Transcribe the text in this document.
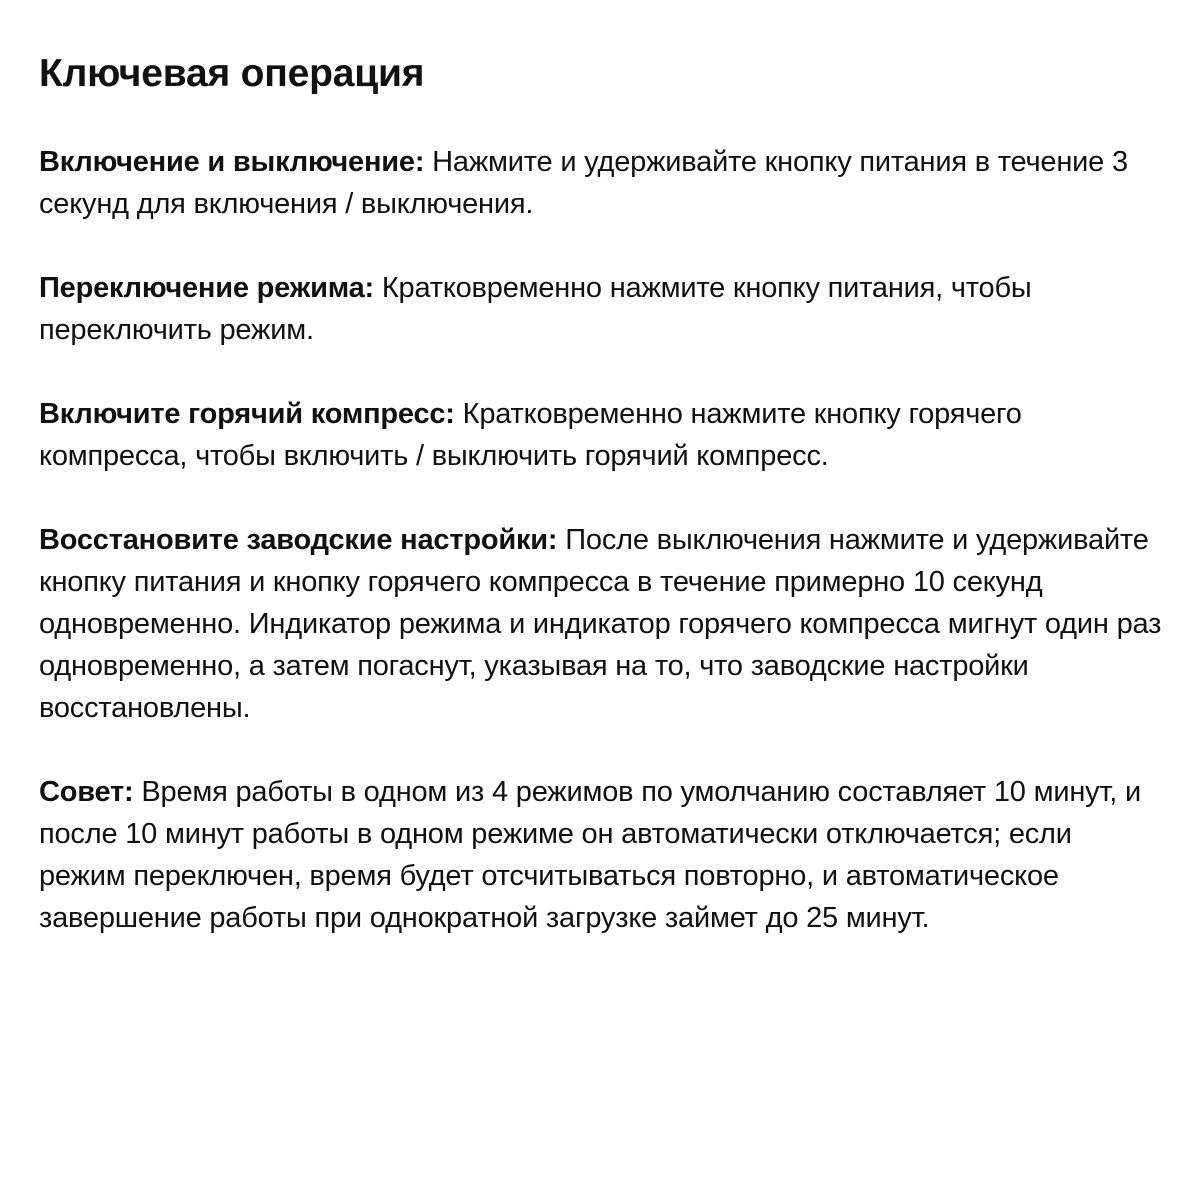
Ключевая операция

Включение и выключение: Нажмите и удерживайте кнопку питания в течение 3 секунд для включения / выключения.

Переключение режима: Кратковременно нажмите кнопку питания, чтобы переключить режим.

Включите горячий компресс: Кратковременно нажмите кнопку горячего компресса, чтобы включить / выключить горячий компресс.

Восстановите заводские настройки: После выключения нажмите и удерживайте кнопку питания и кнопку горячего компресса в течение примерно 10 секунд одновременно. Индикатор режима и индикатор горячего компресса мигнут один раз одновременно, а затем погаснут, указывая на то, что заводские настройки восстановлены.

Совет: Время работы в одном из 4 режимов по умолчанию составляет 10 минут, и после 10 минут работы в одном режиме он автоматически отключается; если режим переключен, время будет отсчитываться повторно, и автоматическое завершение работы при однократной загрузке займет до 25 минут.
